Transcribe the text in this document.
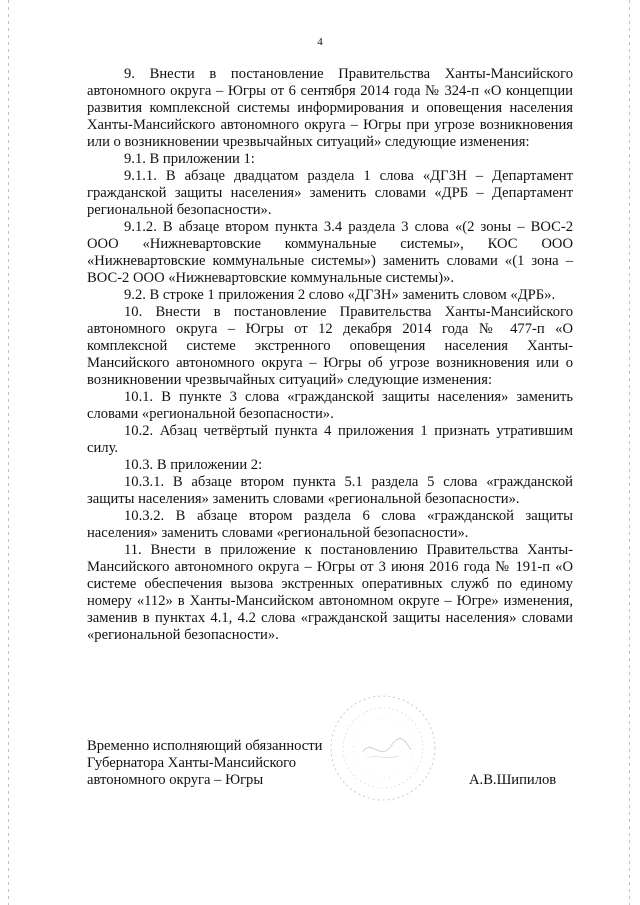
4

9. Внести в постановление Правительства Ханты-Мансийского автономного округа – Югры от 6 сентября 2014 года № 324-п «О концепции развития комплексной системы информирования и оповещения населения Ханты-Мансийского автономного округа – Югры при угрозе возникновения или о возникновении чрезвычайных ситуаций» следующие изменения:

9.1. В приложении 1:

9.1.1. В абзаце двадцатом раздела 1 слова «ДГЗН – Департамент гражданской защиты населения» заменить словами «ДРБ – Департамент региональной безопасности».

9.1.2. В абзаце втором пункта 3.4 раздела 3 слова «(2 зоны – ВОС-2 ООО «Нижневартовские коммунальные системы», КОС ООО «Нижневартовские коммунальные системы») заменить словами «(1 зона – ВОС-2 ООО «Нижневартовские коммунальные системы)».

9.2. В строке 1 приложения 2 слово «ДГЗН» заменить словом «ДРБ».

10. Внести в постановление Правительства Ханты-Мансийского автономного округа – Югры от 12 декабря 2014 года № 477-п «О комплексной системе экстренного оповещения населения Ханты-Мансийского автономного округа – Югры об угрозе возникновения или о возникновении чрезвычайных ситуаций» следующие изменения:

10.1. В пункте 3 слова «гражданской защиты населения» заменить словами «региональной безопасности».

10.2. Абзац четвёртый пункта 4 приложения 1 признать утратившим силу.

10.3. В приложении 2:

10.3.1. В абзаце втором пункта 5.1 раздела 5 слова «гражданской защиты населения» заменить словами «региональной безопасности».

10.3.2. В абзаце втором раздела 6 слова «гражданской защиты населения» заменить словами «региональной безопасности».

11. Внести в приложение к постановлению Правительства Ханты-Мансийского автономного округа – Югры от 3 июня 2016 года № 191-п «О системе обеспечения вызова экстренных оперативных служб по единому номеру «112» в Ханты-Мансийском автономном округе – Югре» изменения, заменив в пунктах 4.1, 4.2 слова «гражданской защиты населения» словами «региональной безопасности».

Временно исполняющий обязанности
Губернатора Ханты-Мансийского
автономного округа – Югры	А.В.Шипилов
